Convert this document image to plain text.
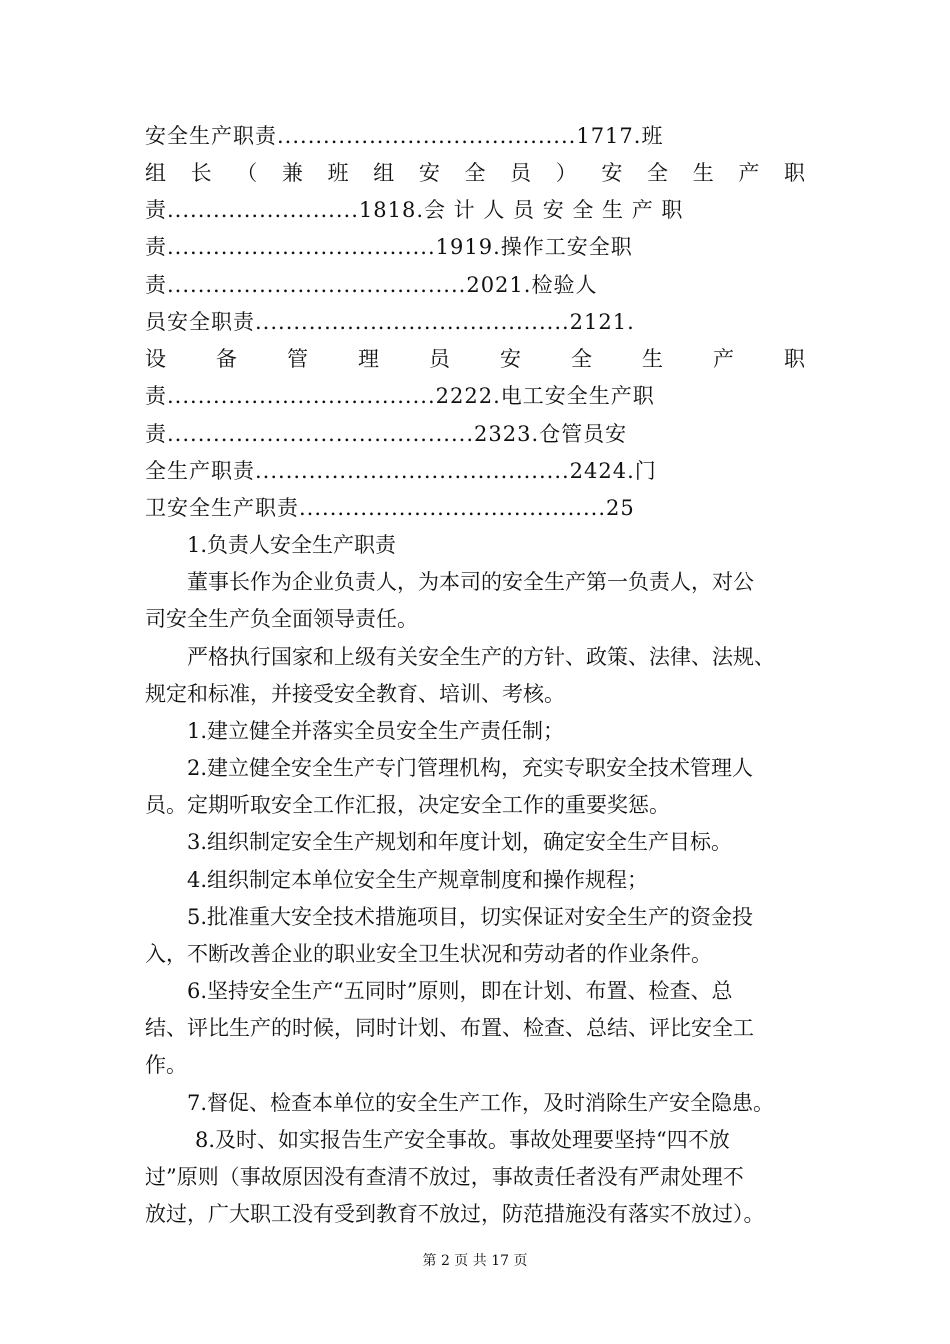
安全生产职责.......................................1717.班
组 长 （ 兼 班 组 安 全 员 ） 安 全 生 产 职
责.........................1818.会 计 人 员 安 全 生 产 职
责...................................1919.操作工安全职
责.......................................2021.检验人
员安全职责.........................................2121.
设 备 管 理 员 安 全 生 产 职
责...................................2222.电工安全生产职
责........................................2323.仓管员安
全生产职责.........................................2424.门
卫安全生产职责........................................25
1.负责人安全生产职责
董事长作为企业负责人，为本司的安全生产第一负责人，对公
司安全生产负全面领导责任。
严格执行国家和上级有关安全生产的方针、政策、法律、法规、
规定和标准，并接受安全教育、培训、考核。
1.建立健全并落实全员安全生产责任制；
2.建立健全安全生产专门管理机构，充实专职安全技术管理人
员。定期听取安全工作汇报，决定安全工作的重要奖惩。
3.组织制定安全生产规划和年度计划，确定安全生产目标。
4.组织制定本单位安全生产规章制度和操作规程；
5.批准重大安全技术措施项目，切实保证对安全生产的资金投
入，不断改善企业的职业安全卫生状况和劳动者的作业条件。
6.坚持安全生产“五同时”原则，即在计划、布置、检查、总
结、评比生产的时候，同时计划、布置、检查、总结、评比安全工
作。
7.督促、检查本单位的安全生产工作，及时消除生产安全隐患。
8.及时、如实报告生产安全事故。事故处理要坚持“四不放
过”原则（事故原因没有查清不放过，事故责任者没有严肃处理不
放过，广大职工没有受到教育不放过，防范措施没有落实不放过）。
第 2 页 共 17 页
